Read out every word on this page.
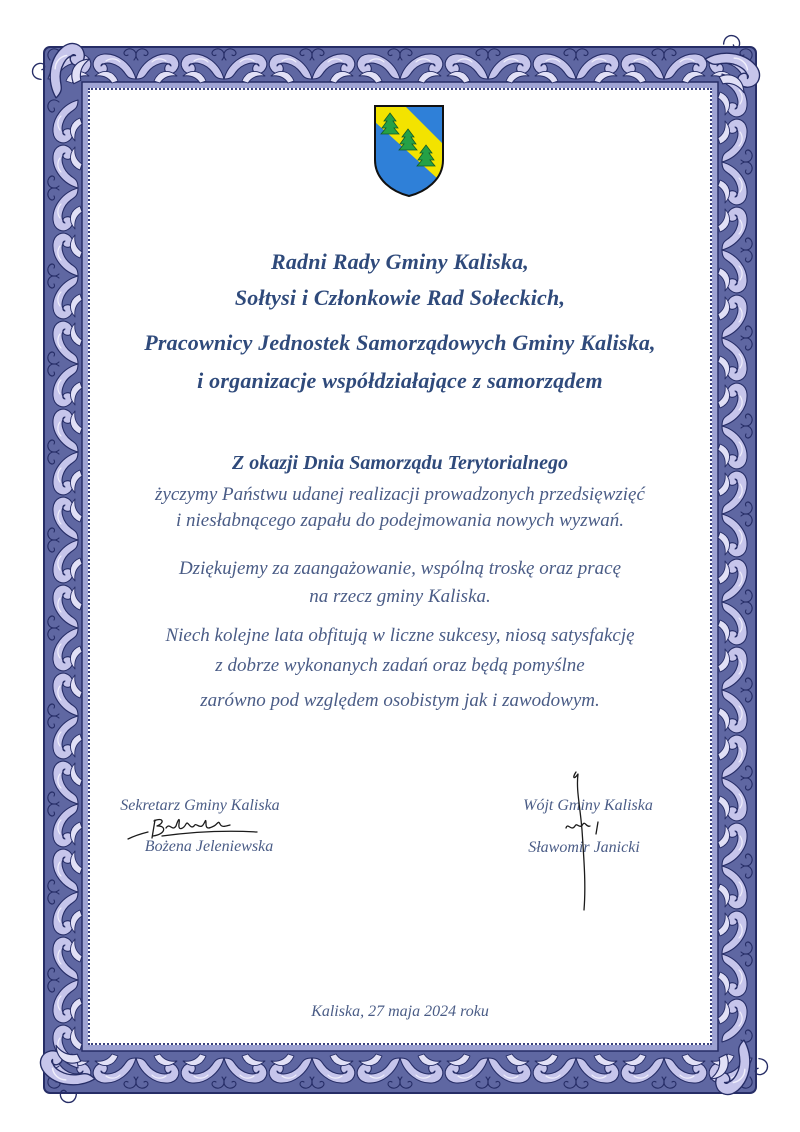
Radni Rady Gminy Kaliska,
Sołtysi i Członkowie Rad Sołeckich,
Pracownicy Jednostek Samorządowych Gminy Kaliska,
i organizacje współdziałające z samorządem
Z okazji Dnia Samorządu Terytorialnego
życzymy Państwu udanej realizacji prowadzonych przedsięwzięć
i niesłabnącego zapału do podejmowania nowych wyzwań.
Dziękujemy za zaangażowanie, wspólną troskę oraz pracę
na rzecz gminy Kaliska.
Niech kolejne lata obfitują w liczne sukcesy, niosą satysfakcję
z dobrze wykonanych zadań oraz będą pomyślne
zarówno pod względem osobistym jak i zawodowym.
Sekretarz Gminy Kaliska
Bożena Jeleniewska
Wójt Gminy Kaliska
Sławomir Janicki
Kaliska, 27 maja 2024 roku
